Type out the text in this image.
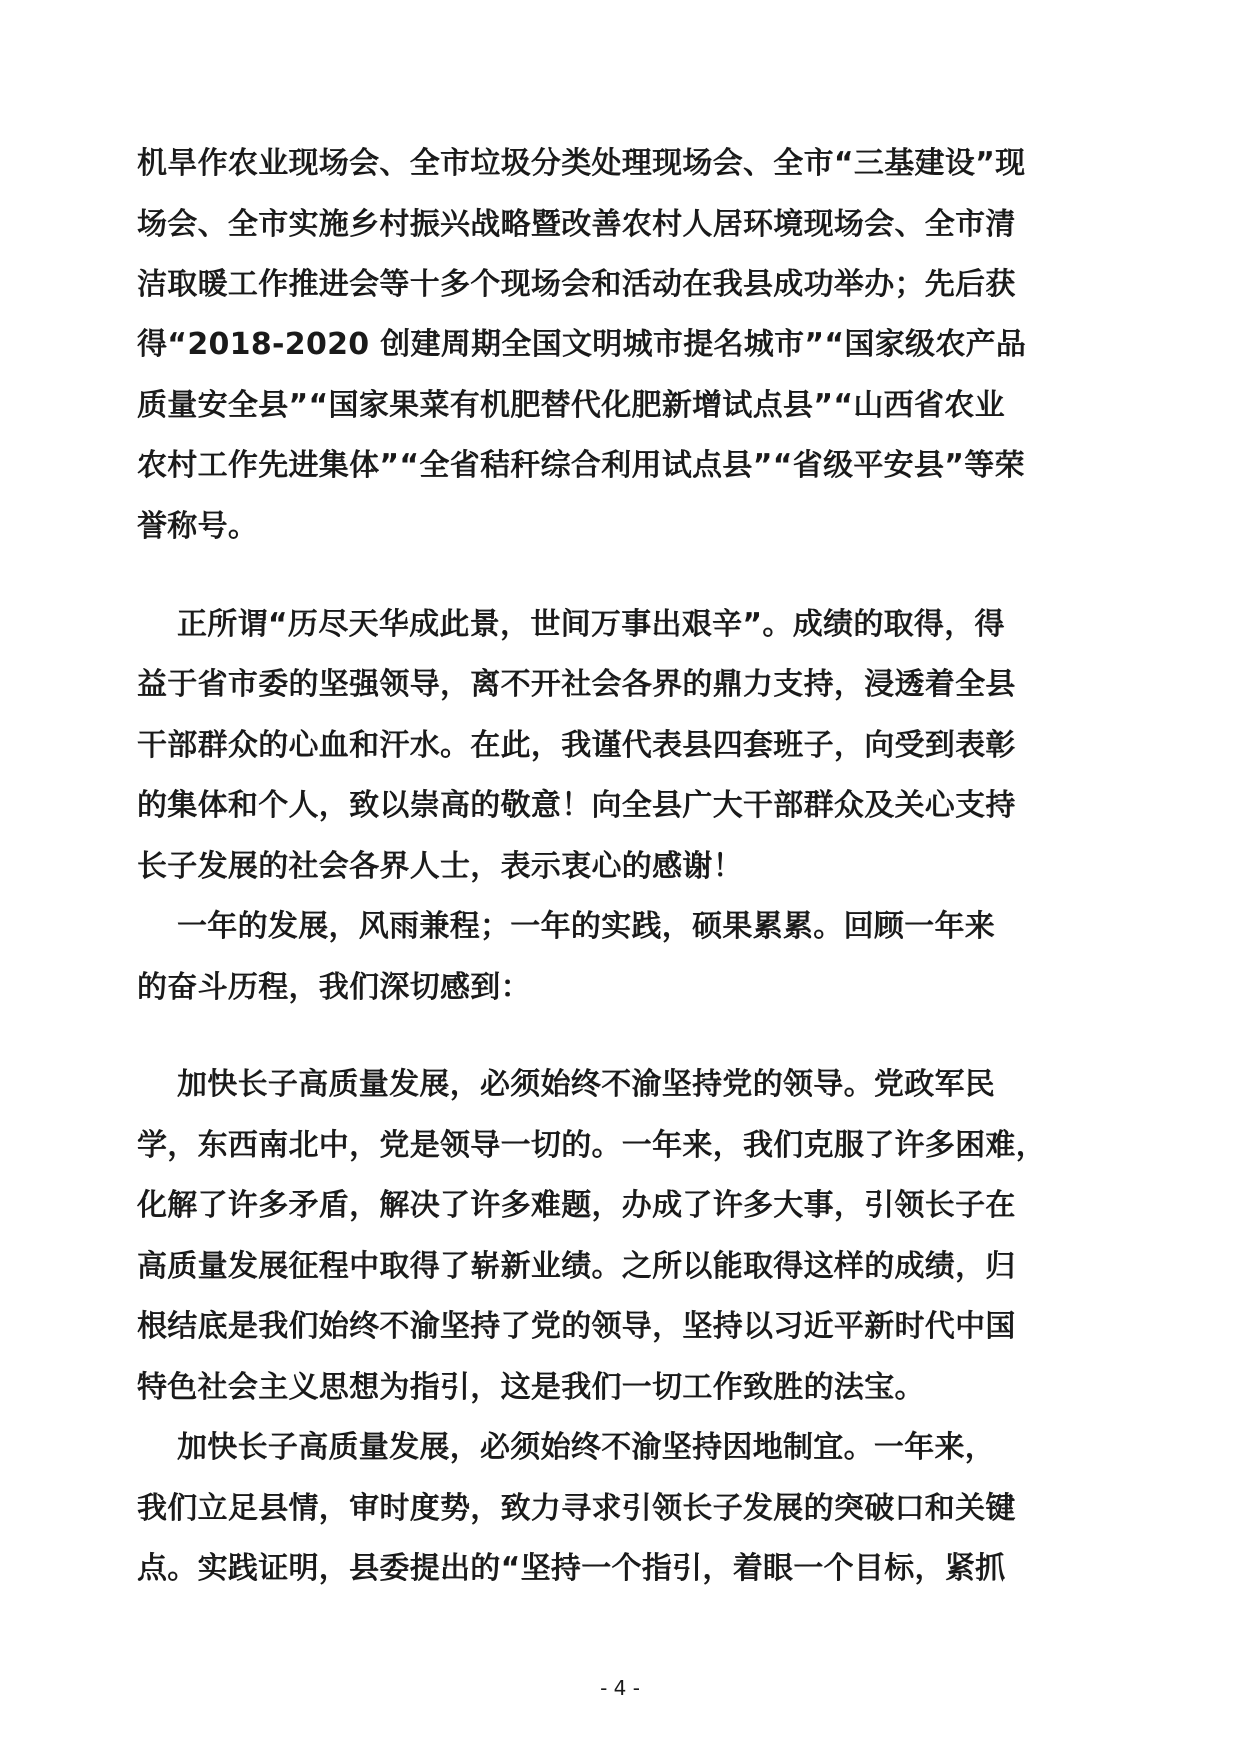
机旱作农业现场会、全市垃圾分类处理现场会、全市“三基建设”现
场会、全市实施乡村振兴战略暨改善农村人居环境现场会、全市清
洁取暖工作推进会等十多个现场会和活动在我县成功举办；先后获
得“2018-2020 创建周期全国文明城市提名城市”“国家级农产品
质量安全县”“国家果菜有机肥替代化肥新增试点县”“山西省农业
农村工作先进集体”“全省秸秆综合利用试点县”“省级平安县”等荣
誉称号。
正所谓“历尽天华成此景，世间万事出艰辛”。成绩的取得，得
益于省市委的坚强领导，离不开社会各界的鼎力支持，浸透着全县
干部群众的心血和汗水。在此，我谨代表县四套班子，向受到表彰
的集体和个人，致以崇高的敬意！向全县广大干部群众及关心支持
长子发展的社会各界人士，表示衷心的感谢！
一年的发展，风雨兼程；一年的实践，硕果累累。回顾一年来
的奋斗历程，我们深切感到：
加快长子高质量发展，必须始终不渝坚持党的领导。党政军民
学，东西南北中，党是领导一切的。一年来，我们克服了许多困难，
化解了许多矛盾，解决了许多难题，办成了许多大事，引领长子在
高质量发展征程中取得了崭新业绩。之所以能取得这样的成绩，归
根结底是我们始终不渝坚持了党的领导，坚持以习近平新时代中国
特色社会主义思想为指引，这是我们一切工作致胜的法宝。
加快长子高质量发展，必须始终不渝坚持因地制宜。一年来，
我们立足县情，审时度势，致力寻求引领长子发展的突破口和关键
点。实践证明，县委提出的“坚持一个指引，着眼一个目标，紧抓
- 4 -
